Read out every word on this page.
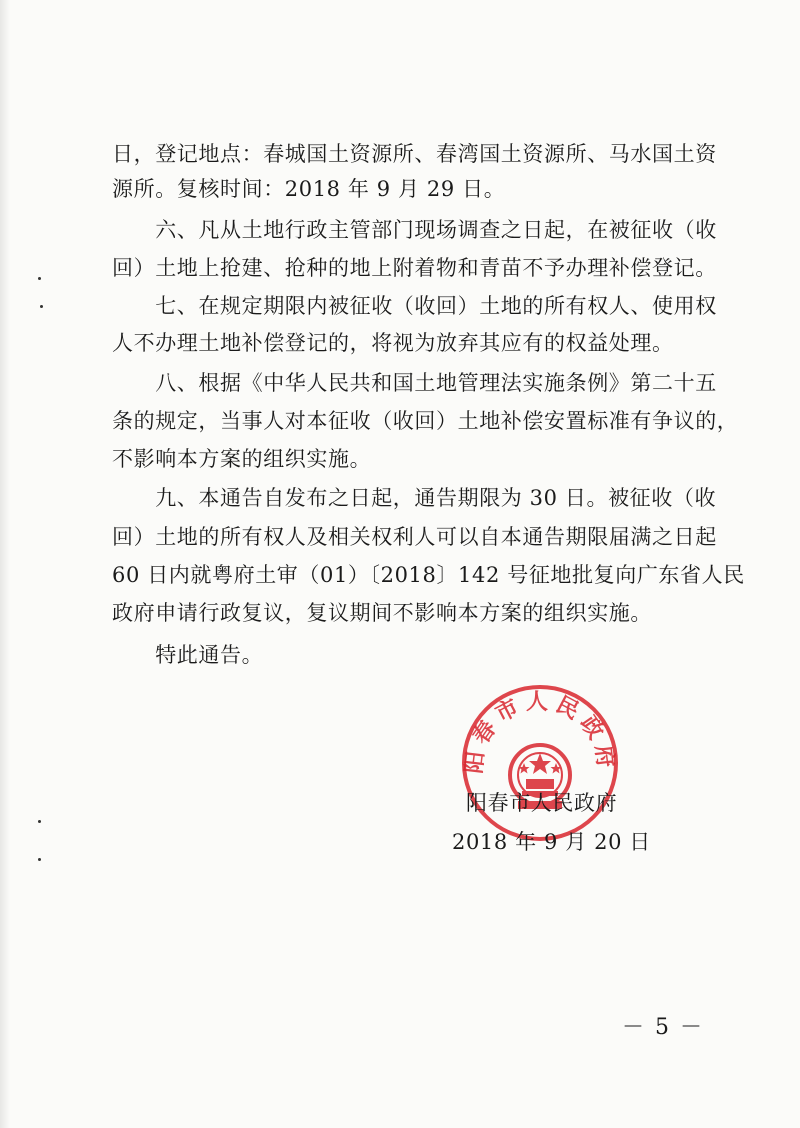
日，登记地点：春城国土资源所、春湾国土资源所、马水国土资
源所。复核时间：2018 年 9 月 29 日。
　　六、凡从土地行政主管部门现场调查之日起，在被征收（收
回）土地上抢建、抢种的地上附着物和青苗不予办理补偿登记。
　　七、在规定期限内被征收（收回）土地的所有权人、使用权
人不办理土地补偿登记的，将视为放弃其应有的权益处理。
　　八、根据《中华人民共和国土地管理法实施条例》第二十五
条的规定，当事人对本征收（收回）土地补偿安置标准有争议的，
不影响本方案的组织实施。
　　九、本通告自发布之日起，通告期限为 30 日。被征收（收
回）土地的所有权人及相关权利人可以自本通告期限届满之日起
60 日内就粤府土审（01）〔2018〕142 号征地批复向广东省人民
政府申请行政复议，复议期间不影响本方案的组织实施。
　　特此通告。
阳春市人民政府
阳春市人民政府
2018 年 9 月 20 日
－ 5 －
